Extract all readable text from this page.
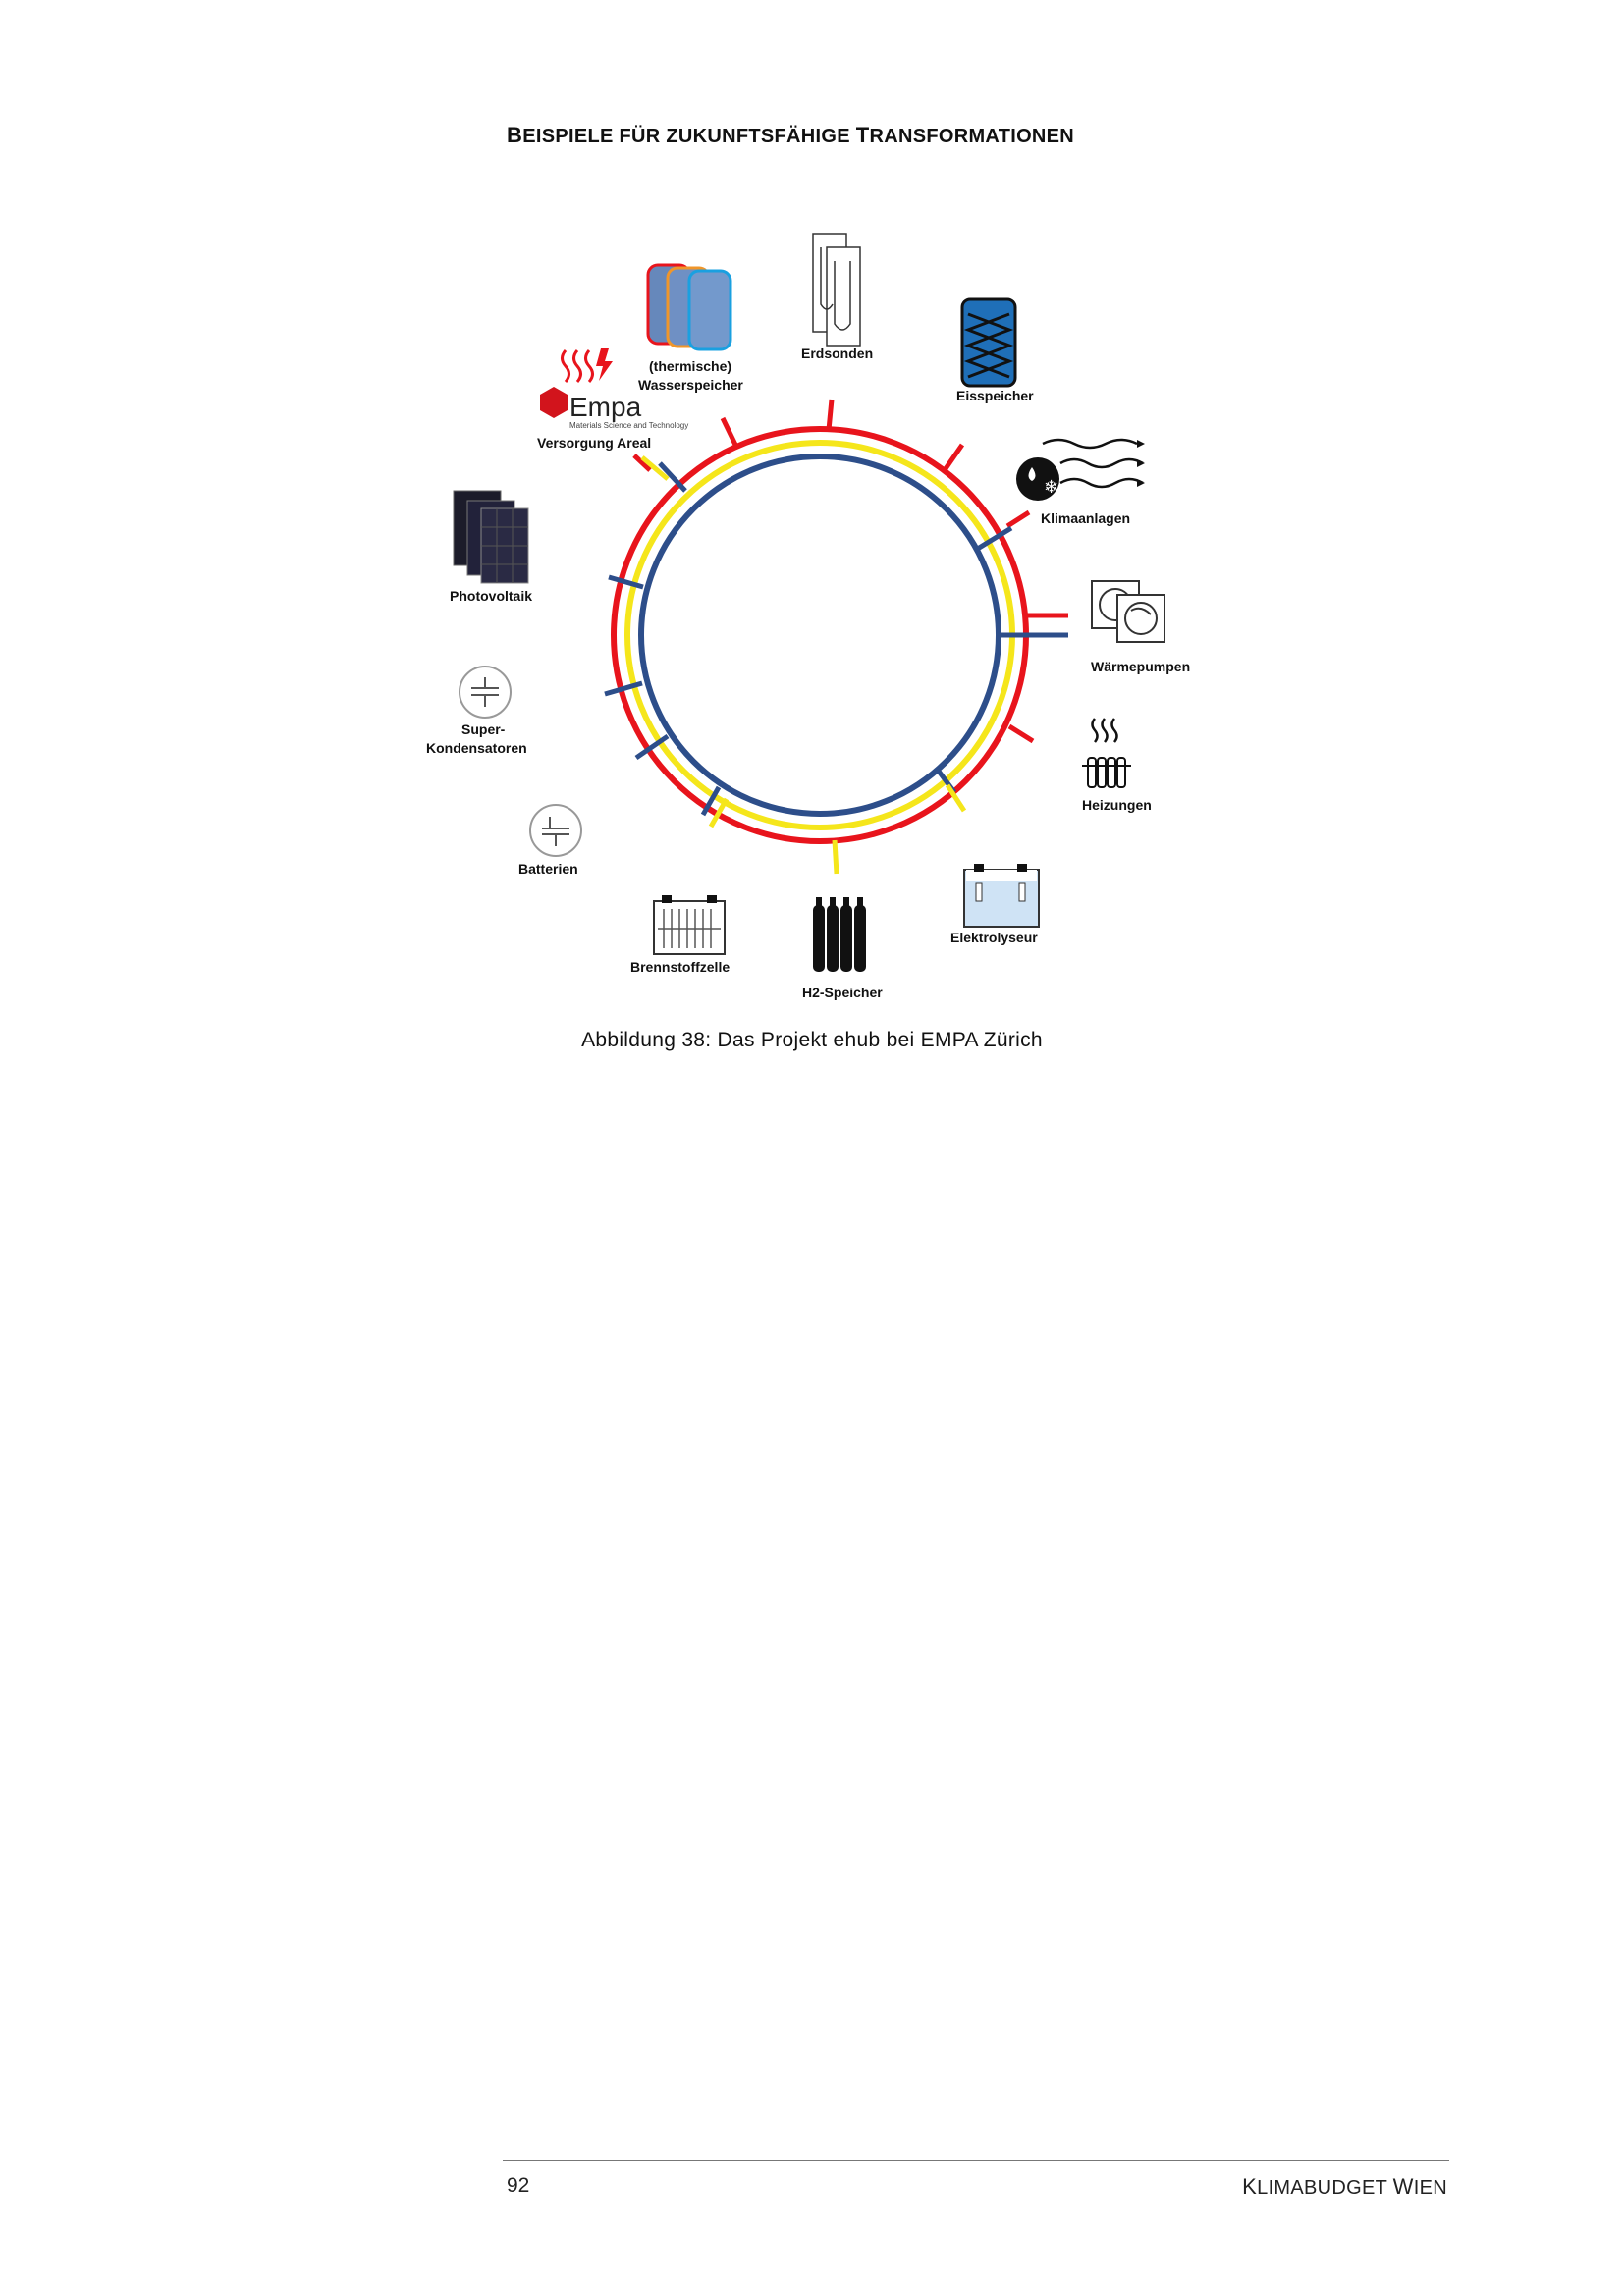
BEISPIELE FÜR ZUKUNFTSFÄHIGE TRANSFORMATIONEN
Empa
Materials Science and Technology
Versorgung Areal
(thermische)
Wasserspeicher
Erdsonden
Eisspeicher
❄
Klimaanlagen
Wärmepumpen
Heizungen
Elektrolyseur
H2-Speicher
Brennstoffzelle
Batterien
Super-
Kondensatoren
Photovoltaik
Abbildung 38: Das Projekt ehub bei EMPA Zürich
92	KLIMABUDGET WIEN
